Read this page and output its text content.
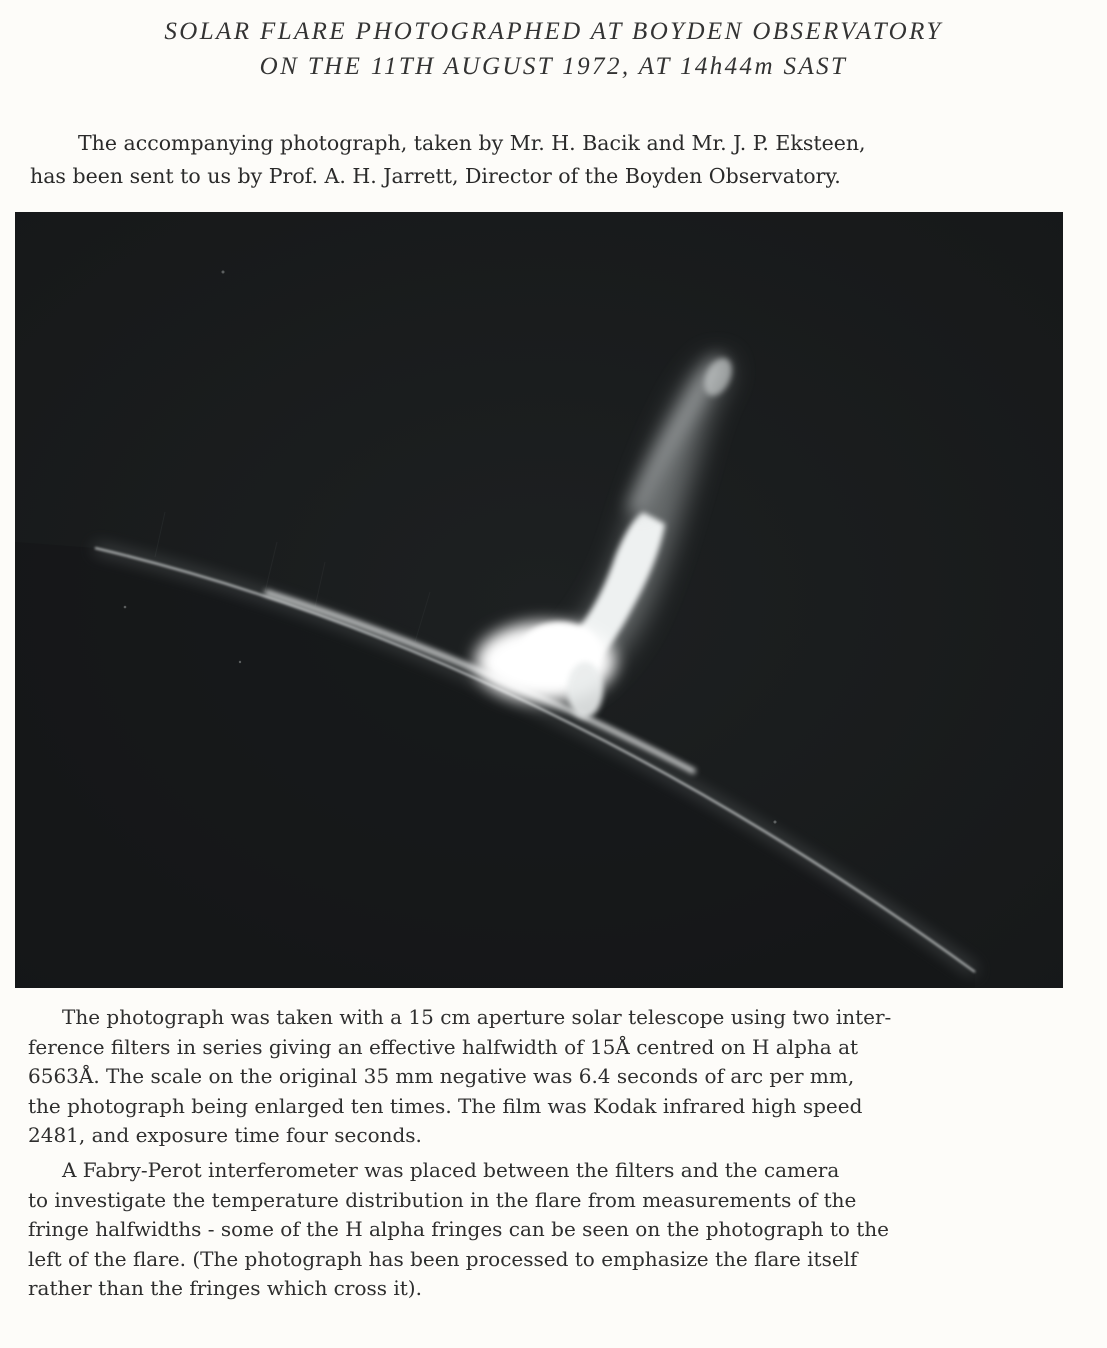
SOLAR FLARE PHOTOGRAPHED AT BOYDEN OBSERVATORY
ON THE 11TH AUGUST 1972, AT 14h44m SAST
The accompanying photograph, taken by Mr. H. Bacik and Mr. J. P. Eksteen,
has been sent to us by Prof. A. H. Jarrett, Director of the Boyden Observatory.
The photograph was taken with a 15 cm aperture solar telescope using two inter-
ference filters in series giving an effective halfwidth of 15Å centred on H alpha at
6563Å. The scale on the original 35 mm negative was 6.4 seconds of arc per mm,
the photograph being enlarged ten times. The film was Kodak infrared high speed
2481, and exposure time four seconds.
A Fabry-Perot interferometer was placed between the filters and the camera
to investigate the temperature distribution in the flare from measurements of the
fringe halfwidths - some of the H alpha fringes can be seen on the photograph to the
left of the flare. (The photograph has been processed to emphasize the flare itself
rather than the fringes which cross it).
